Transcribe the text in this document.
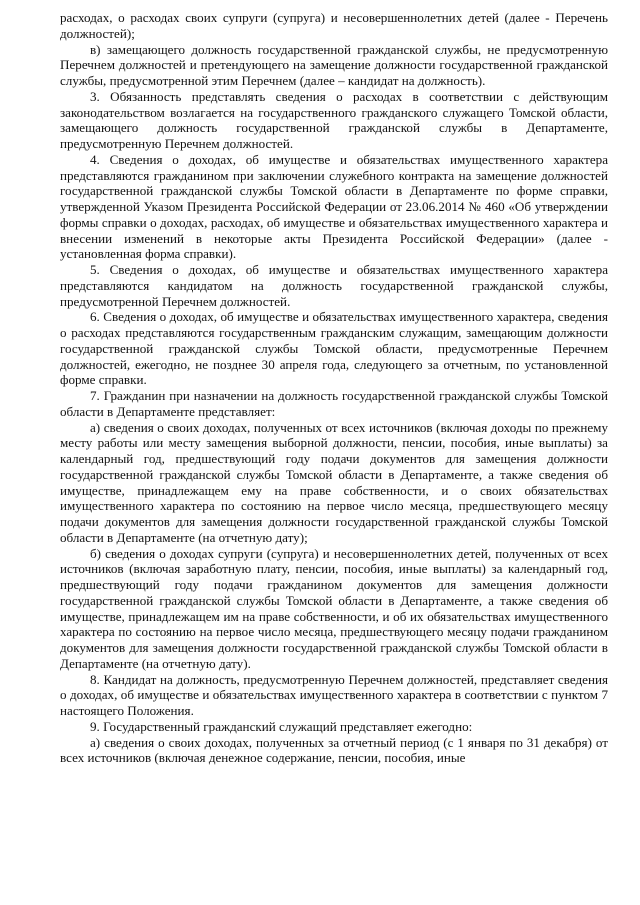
расходах, о расходах своих супруги (супруга) и несовершеннолетних детей (далее - Перечень должностей);

в) замещающего должность государственной гражданской службы, не предусмотренную Перечнем должностей и претендующего на замещение должности государственной гражданской службы, предусмотренной этим Перечнем (далее – кандидат на должность).

3. Обязанность представлять сведения о расходах в соответствии с действующим законодательством возлагается на государственного гражданского служащего Томской области, замещающего должность государственной гражданской службы в Департаменте, предусмотренную Перечнем должностей.

4. Сведения о доходах, об имуществе и обязательствах имущественного характера представляются гражданином при заключении служебного контракта на замещение должностей государственной гражданской службы Томской области в Департаменте по форме справки, утвержденной Указом Президента Российской Федерации от 23.06.2014 № 460 «Об утверждении формы справки о доходах, расходах, об имуществе и обязательствах имущественного характера и внесении изменений в некоторые акты Президента Российской Федерации» (далее - установленная форма справки).

5. Сведения о доходах, об имуществе и обязательствах имущественного характера представляются кандидатом на должность государственной гражданской службы, предусмотренной Перечнем должностей.

6. Сведения о доходах, об имуществе и обязательствах имущественного характера, сведения о расходах представляются государственным гражданским служащим, замещающим должности государственной гражданской службы Томской области, предусмотренные Перечнем должностей, ежегодно, не позднее 30 апреля года, следующего за отчетным, по установленной форме справки.

7. Гражданин при назначении на должность государственной гражданской службы Томской области в Департаменте представляет:

а) сведения о своих доходах, полученных от всех источников (включая доходы по прежнему месту работы или месту замещения выборной должности, пенсии, пособия, иные выплаты) за календарный год, предшествующий году подачи документов для замещения должности государственной гражданской службы Томской области в Департаменте, а также сведения об имуществе, принадлежащем ему на праве собственности, и о своих обязательствах имущественного характера по состоянию на первое число месяца, предшествующего месяцу подачи документов для замещения должности государственной гражданской службы Томской области в Департаменте (на отчетную дату);

б) сведения о доходах супруги (супруга) и несовершеннолетних детей, полученных от всех источников (включая заработную плату, пенсии, пособия, иные выплаты) за календарный год, предшествующий году подачи гражданином документов для замещения должности государственной гражданской службы Томской области в Департаменте, а также сведения об имуществе, принадлежащем им на праве собственности, и об их обязательствах имущественного характера по состоянию на первое число месяца, предшествующего месяцу подачи гражданином документов для замещения должности государственной гражданской службы Томской области в Департаменте (на отчетную дату).

8. Кандидат на должность, предусмотренную Перечнем должностей, представляет сведения о доходах, об имуществе и обязательствах имущественного характера в соответствии с пунктом 7 настоящего Положения.

9. Государственный гражданский служащий представляет ежегодно:

а) сведения о своих доходах, полученных за отчетный период (с 1 января по 31 декабря) от всех источников (включая денежное содержание, пенсии, пособия, иные
